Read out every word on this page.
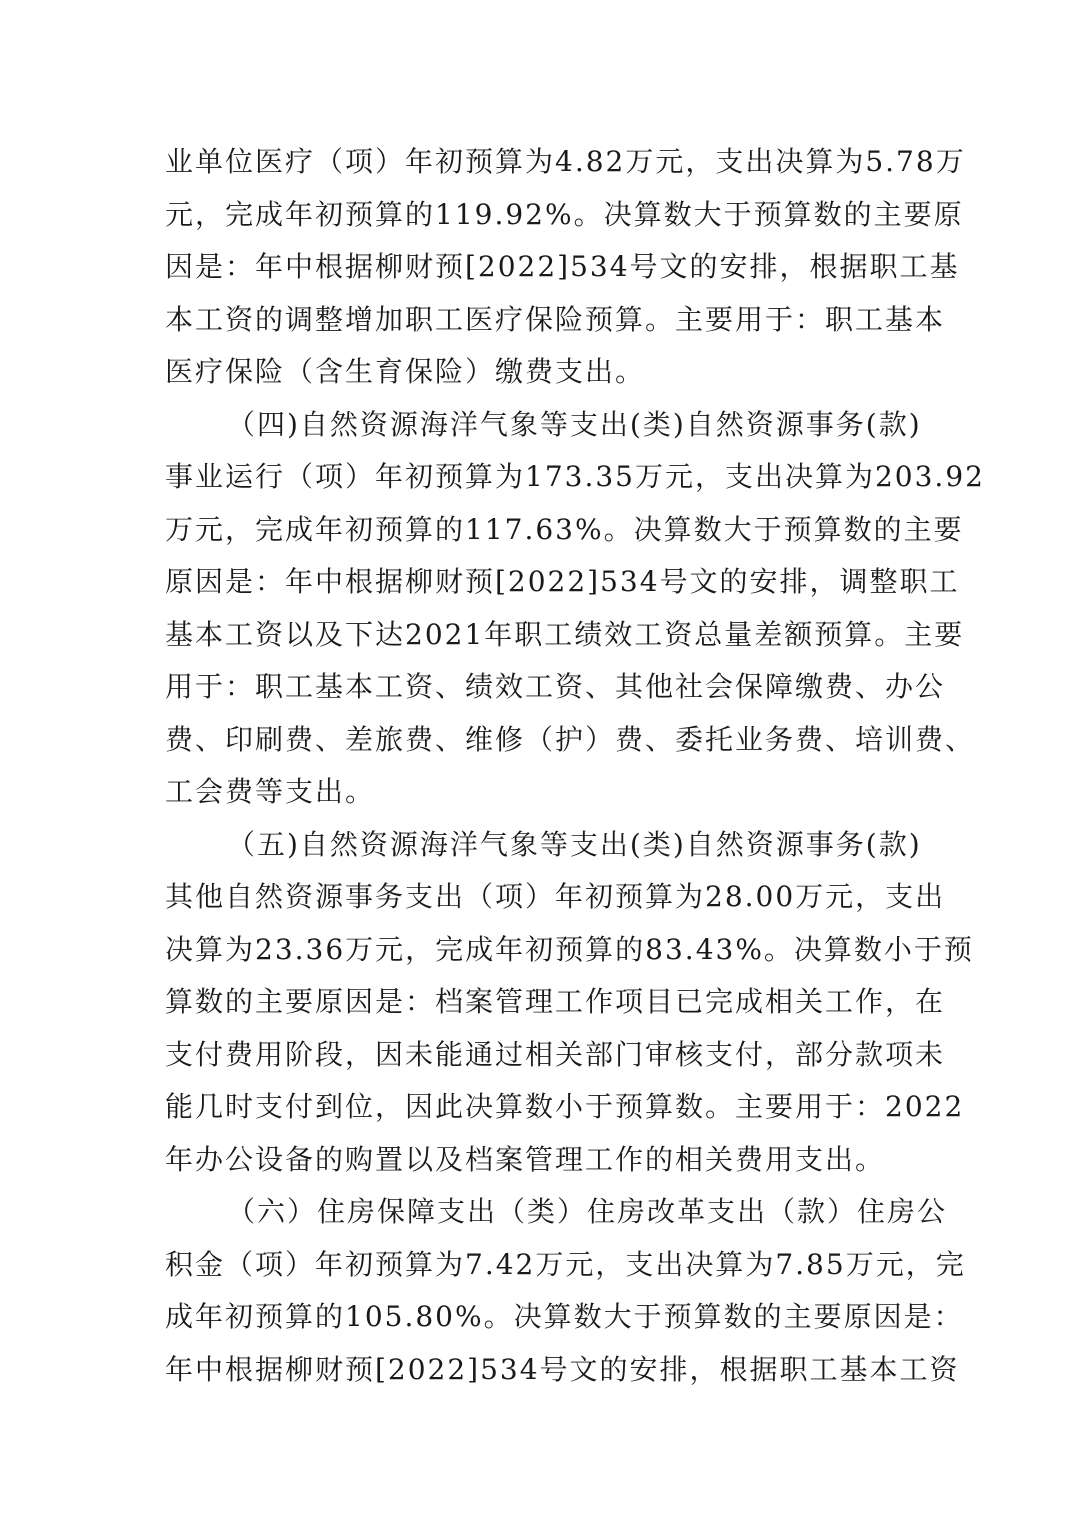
业单位医疗（项）年初预算为4.82万元，支出决算为5.78万
元，完成年初预算的119.92%。决算数大于预算数的主要原
因是：年中根据柳财预[2022]534号文的安排，根据职工基
本工资的调整增加职工医疗保险预算。主要用于：职工基本
医疗保险（含生育保险）缴费支出。
（四)自然资源海洋气象等支出(类)自然资源事务(款)
事业运行（项）年初预算为173.35万元，支出决算为203.92
万元，完成年初预算的117.63%。决算数大于预算数的主要
原因是：年中根据柳财预[2022]534号文的安排，调整职工
基本工资以及下达2021年职工绩效工资总量差额预算。主要
用于：职工基本工资、绩效工资、其他社会保障缴费、办公
费、印刷费、差旅费、维修（护）费、委托业务费、培训费、
工会费等支出。
（五)自然资源海洋气象等支出(类)自然资源事务(款)
其他自然资源事务支出（项）年初预算为28.00万元，支出
决算为23.36万元，完成年初预算的83.43%。决算数小于预
算数的主要原因是：档案管理工作项目已完成相关工作，在
支付费用阶段，因未能通过相关部门审核支付，部分款项未
能几时支付到位，因此决算数小于预算数。主要用于：2022
年办公设备的购置以及档案管理工作的相关费用支出。
（六）住房保障支出（类）住房改革支出（款）住房公
积金（项）年初预算为7.42万元，支出决算为7.85万元，完
成年初预算的105.80%。决算数大于预算数的主要原因是：
年中根据柳财预[2022]534号文的安排，根据职工基本工资
